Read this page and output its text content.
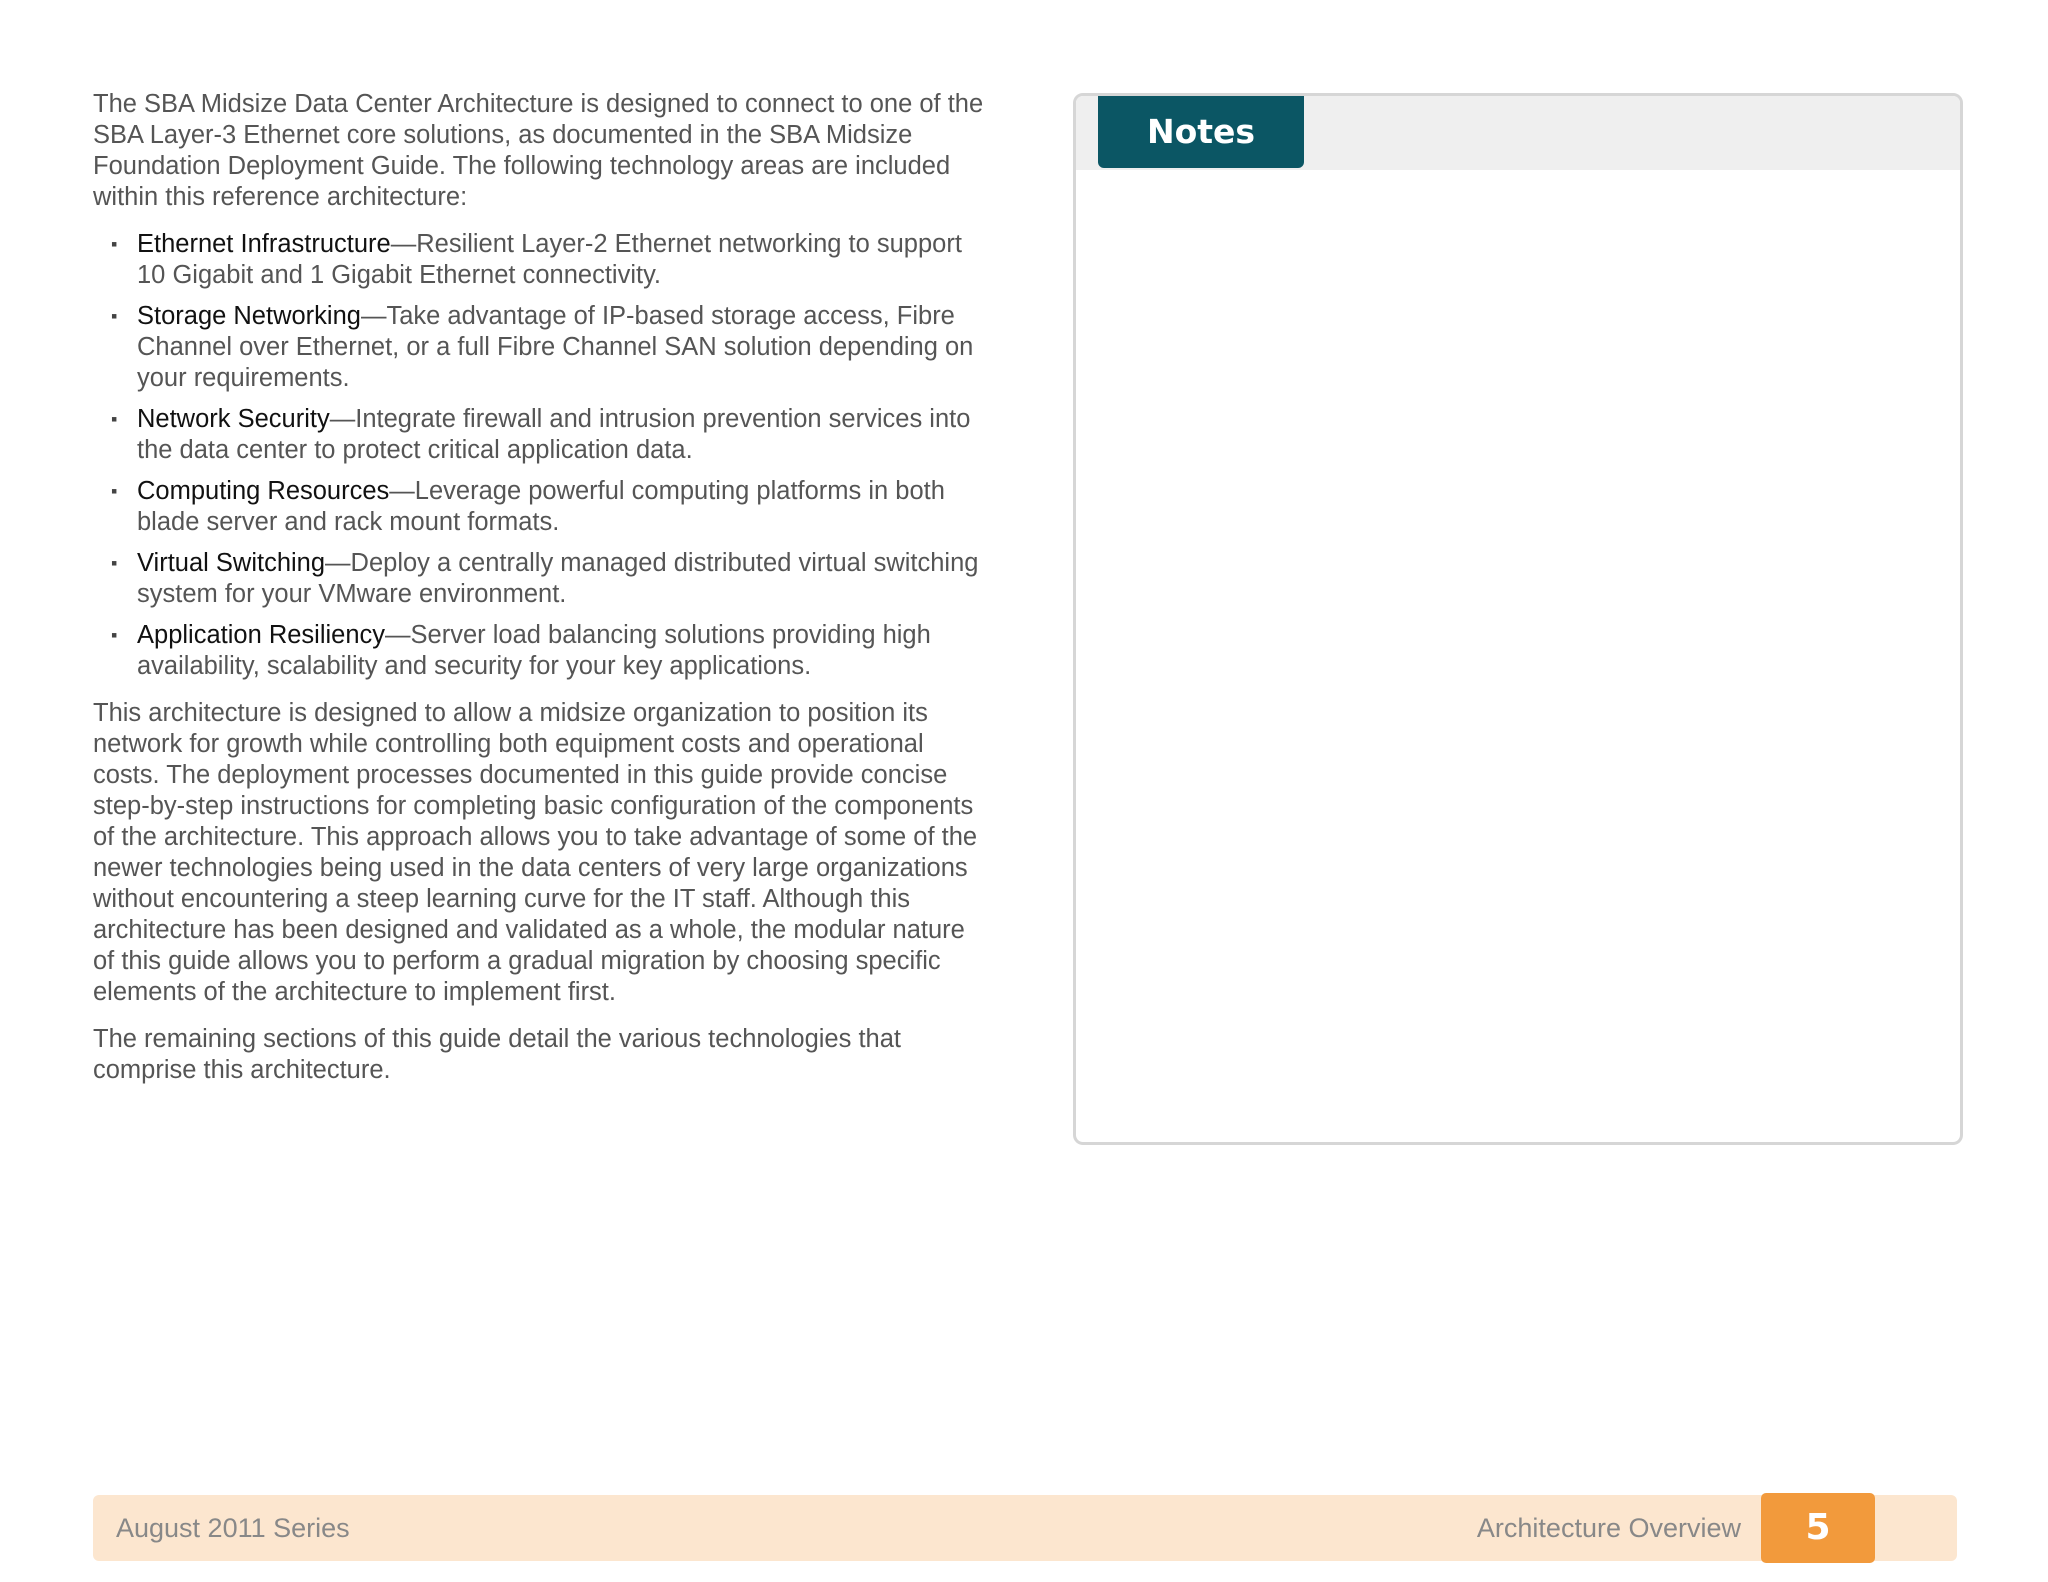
The SBA Midsize Data Center Architecture is designed to connect to one of the SBA Layer-3 Ethernet core solutions, as documented in the SBA Midsize Foundation Deployment Guide. The following technology areas are included within this reference architecture:

▪ Ethernet Infrastructure—Resilient Layer-2 Ethernet networking to support 10 Gigabit and 1 Gigabit Ethernet connectivity.
▪ Storage Networking—Take advantage of IP-based storage access, Fibre Channel over Ethernet, or a full Fibre Channel SAN solution depending on your requirements.
▪ Network Security—Integrate firewall and intrusion prevention services into the data center to protect critical application data.
▪ Computing Resources—Leverage powerful computing platforms in both blade server and rack mount formats.
▪ Virtual Switching—Deploy a centrally managed distributed virtual switching system for your VMware environment.
▪ Application Resiliency—Server load balancing solutions providing high availability, scalability and security for your key applications.

This architecture is designed to allow a midsize organization to position its network for growth while controlling both equipment costs and operational costs. The deployment processes documented in this guide provide concise step-by-step instructions for completing basic configuration of the components of the architecture. This approach allows you to take advantage of some of the newer technologies being used in the data centers of very large organizations without encountering a steep learning curve for the IT staff. Although this architecture has been designed and validated as a whole, the modular nature of this guide allows you to perform a gradual migration by choosing specific elements of the architecture to implement first.

The remaining sections of this guide detail the various technologies that comprise this architecture.

Notes
August 2011 Series	Architecture Overview	5
